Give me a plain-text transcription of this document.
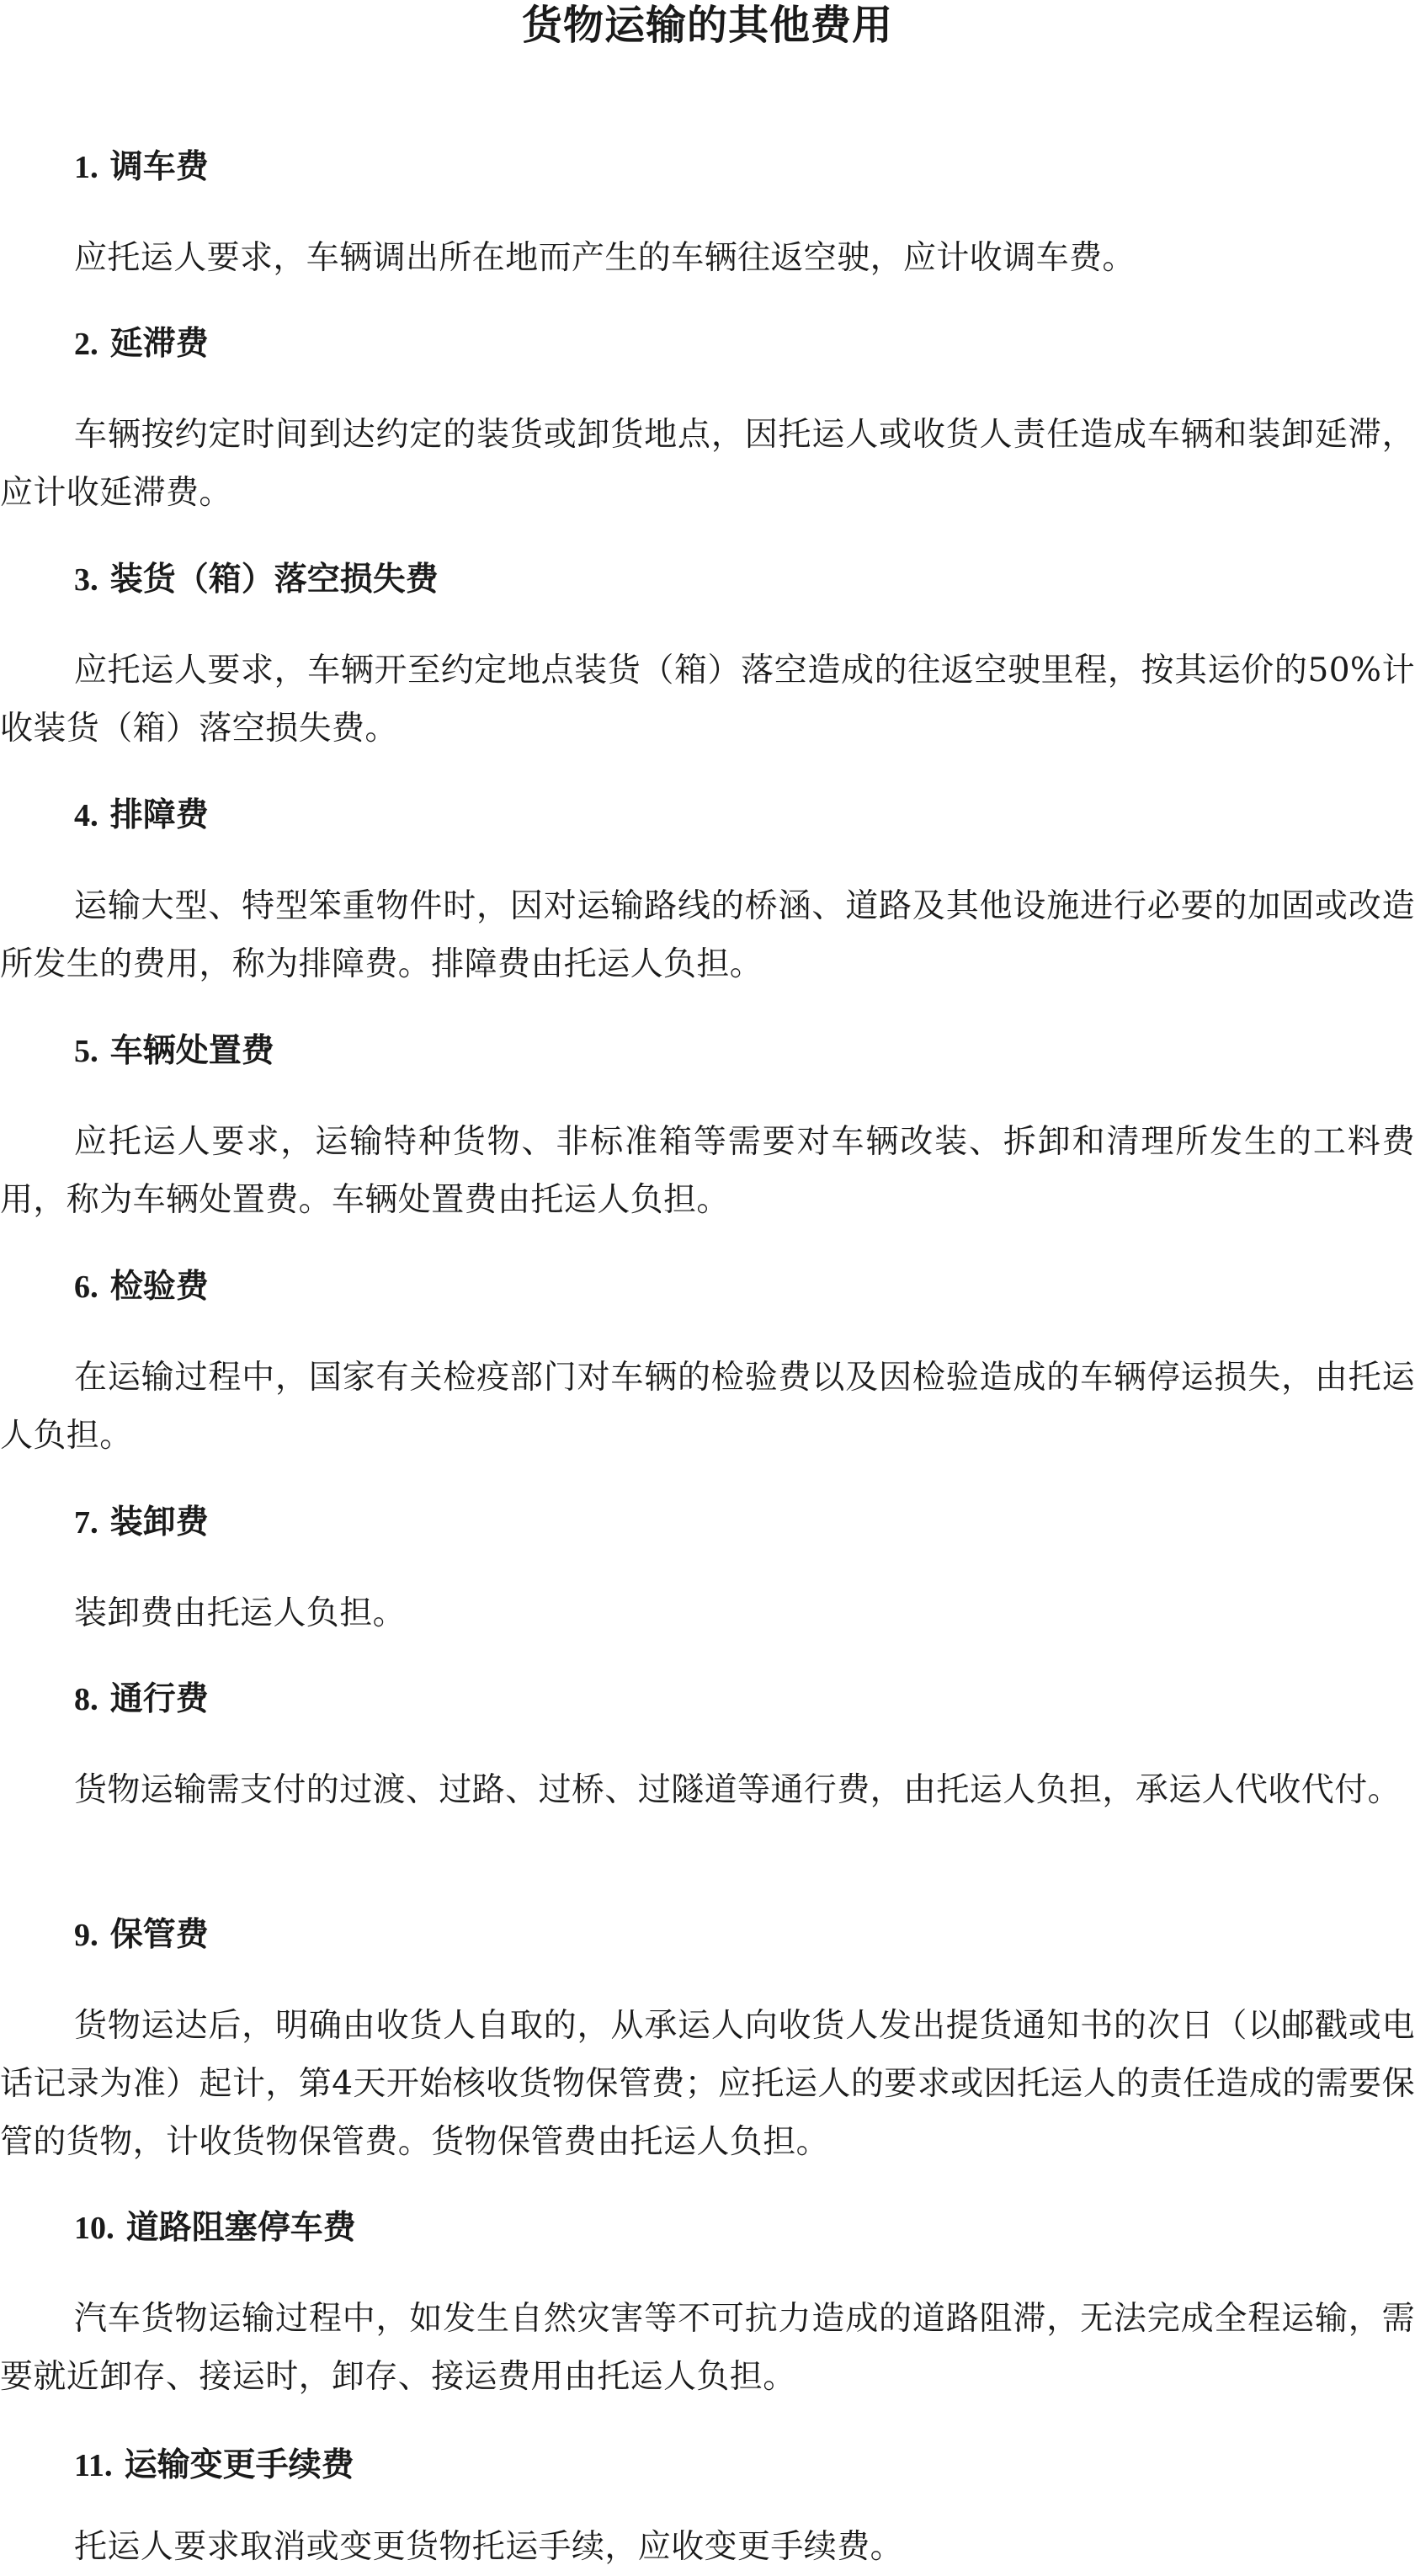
货物运输的其他费用
1. 调车费

应托运人要求，车辆调出所在地而产生的车辆往返空驶，应计收调车费。

2. 延滞费

车辆按约定时间到达约定的装货或卸货地点，因托运人或收货人责任造成车辆和装卸延滞，应计收延滞费。

3. 装货（箱）落空损失费

应托运人要求，车辆开至约定地点装货（箱）落空造成的往返空驶里程，按其运价的50%计收装货（箱）落空损失费。

4. 排障费

运输大型、特型笨重物件时，因对运输路线的桥涵、道路及其他设施进行必要的加固或改造所发生的费用，称为排障费。排障费由托运人负担。

5. 车辆处置费

应托运人要求，运输特种货物、非标准箱等需要对车辆改装、拆卸和清理所发生的工料费用，称为车辆处置费。车辆处置费由托运人负担。

6. 检验费

在运输过程中，国家有关检疫部门对车辆的检验费以及因检验造成的车辆停运损失，由托运人负担。

7. 装卸费

装卸费由托运人负担。

8. 通行费

货物运输需支付的过渡、过路、过桥、过隧道等通行费，由托运人负担，承运人代收代付。

9. 保管费

货物运达后，明确由收货人自取的，从承运人向收货人发出提货通知书的次日（以邮戳或电话记录为准）起计，第4天开始核收货物保管费；应托运人的要求或因托运人的责任造成的需要保管的货物，计收货物保管费。货物保管费由托运人负担。

10. 道路阻塞停车费

汽车货物运输过程中，如发生自然灾害等不可抗力造成的道路阻滞，无法完成全程运输，需要就近卸存、接运时，卸存、接运费用由托运人负担。

11. 运输变更手续费

托运人要求取消或变更货物托运手续，应收变更手续费。
